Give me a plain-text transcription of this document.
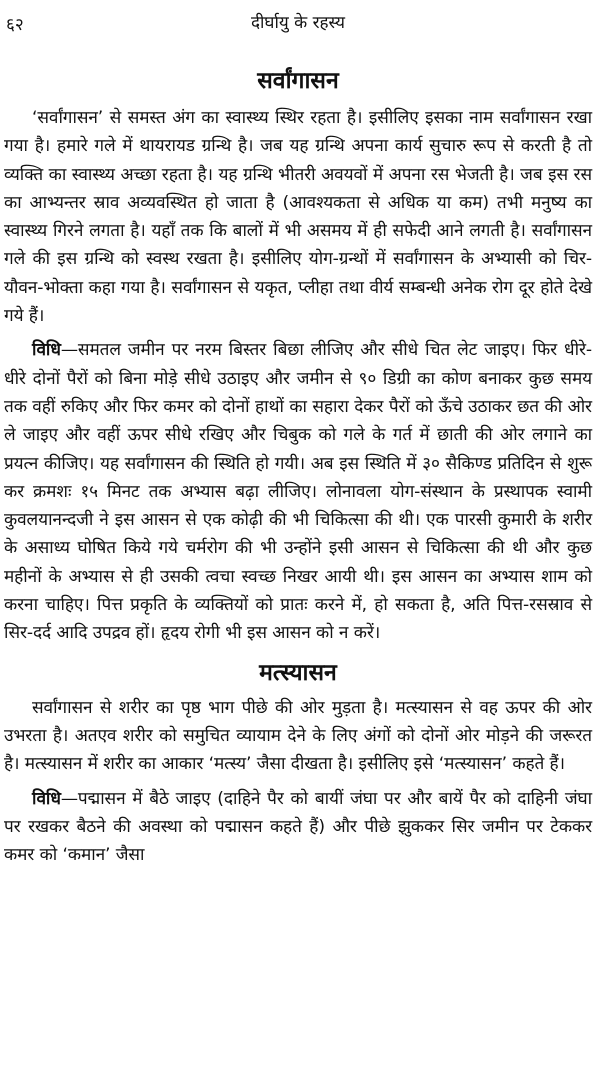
६२	दीर्घायु के रहस्य
सर्वांगासन

‘सर्वांगासन’ से समस्त अंग का स्वास्थ्य स्थिर रहता है। इसीलिए इसका नाम सर्वांगासन रखा गया है। हमारे गले में थायरायड ग्रन्थि है। जब यह ग्रन्थि अपना कार्य सुचारु रूप से करती है तो व्यक्ति का स्वास्थ्य अच्छा रहता है। यह ग्रन्थि भीतरी अवयवों में अपना रस भेजती है। जब इस रस का आभ्यन्तर स्राव अव्यवस्थित हो जाता है (आवश्यकता से अधिक या कम) तभी मनुष्य का स्वास्थ्य गिरने लगता है। यहाँ तक कि बालों में भी असमय में ही सफेदी आने लगती है। सर्वांगासन गले की इस ग्रन्थि को स्वस्थ रखता है। इसीलिए योग-ग्रन्थों में सर्वांगासन के अभ्यासी को चिर-यौवन-भोक्ता कहा गया है। सर्वांगासन से यकृत, प्लीहा तथा वीर्य सम्बन्धी अनेक रोग दूर होते देखे गये हैं।

विधि—समतल जमीन पर नरम बिस्तर बिछा लीजिए और सीधे चित लेट जाइए। फिर धीरे-धीरे दोनों पैरों को बिना मोड़े सीधे उठाइए और जमीन से ९० डिग्री का कोण बनाकर कुछ समय तक वहीं रुकिए और फिर कमर को दोनों हाथों का सहारा देकर पैरों को ऊँचे उठाकर छत की ओर ले जाइए और वहीं ऊपर सीधे रखिए और चिबुक को गले के गर्त में छाती की ओर लगाने का प्रयत्न कीजिए। यह सर्वांगासन की स्थिति हो गयी। अब इस स्थिति में ३० सैकिण्ड प्रतिदिन से शुरू कर क्रमशः १५ मिनट तक अभ्यास बढ़ा लीजिए। लोनावला योग-संस्थान के प्रस्थापक स्वामी कुवलयानन्दजी ने इस आसन से एक कोढ़ी की भी चिकित्सा की थी। एक पारसी कुमारी के शरीर के असाध्य घोषित किये गये चर्मरोग की भी उन्होंने इसी आसन से चिकित्सा की थी और कुछ महीनों के अभ्यास से ही उसकी त्वचा स्वच्छ निखर आयी थी। इस आसन का अभ्यास शाम को करना चाहिए। पित्त प्रकृति के व्यक्तियों को प्रातः करने में, हो सकता है, अति पित्त-रसस्राव से सिर-दर्द आदि उपद्रव हों। हृदय रोगी भी इस आसन को न करें।

मत्स्यासन

सर्वांगासन से शरीर का पृष्ठ भाग पीछे की ओर मुड़ता है। मत्स्यासन से वह ऊपर की ओर उभरता है। अतएव शरीर को समुचित व्यायाम देने के लिए अंगों को दोनों ओर मोड़ने की जरूरत है। मत्स्यासन में शरीर का आकार ‘मत्स्य’ जैसा दीखता है। इसीलिए इसे ‘मत्स्यासन’ कहते हैं।

विधि—पद्मासन में बैठे जाइए (दाहिने पैर को बायीं जंघा पर और बायें पैर को दाहिनी जंघा पर रखकर बैठने की अवस्था को पद्मासन कहते हैं) और पीछे झुककर सिर जमीन पर टेककर कमर को ‘कमान’ जैसा
